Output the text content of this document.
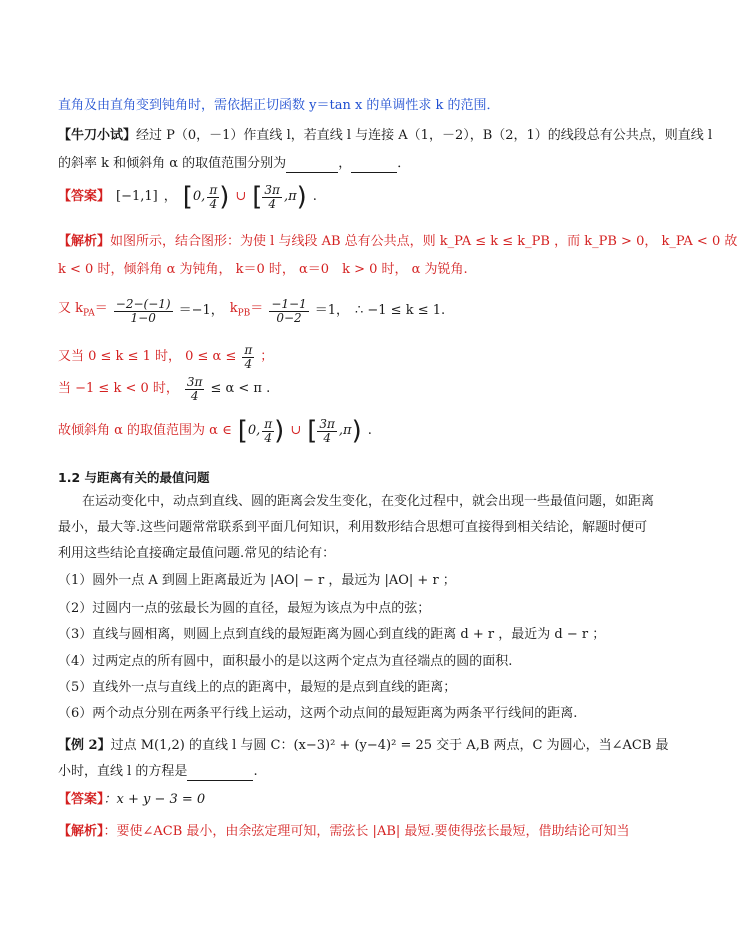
直角及由直角变到钝角时，需依据正切函数 y＝tan x 的单调性求 k 的范围．
【牛刀小试】经过 P（0，－1）作直线 l，若直线 l 与连接 A（1，－2），B（2，1）的线段总有公共点，则直线 l
的斜率 k 和倾斜角 α 的取值范围分别为	，	．
【答案】 [−1,1] ， [ 0, $\frac{\pi}{4}$ ) ∪ [ $\frac{3\pi}{4} ,\pi$ ) .
【解析】如图所示，结合图形：为使 l 与线段 AB 总有公共点，则 k_PA ≤ k ≤ k_PB ，而 k_PB > 0， k_PA < 0 故
k < 0 时，倾斜角 α 为钝角， k＝0 时， α＝0　k > 0 时， α 为锐角.
又 $k_{PA}= \frac{-2-(-1)}{1-0} =-1$， $k_{PB}= \frac{-1-1}{0-2} =1$， ∴ −1 ≤ k ≤ 1.
又当 0 ≤ k ≤ 1 时， $0 \le \alpha \le \frac{\pi}{4}$ ；
当 −1 ≤ k < 0 时， $\frac{3\pi}{4} \le \alpha < \pi$ .
故倾斜角 α 的取值范围为 α ∈ [ 0, $\frac{\pi}{4}$ ) ∪ [ $\frac{3\pi}{4} ,\pi$ ) .
1.2 与距离有关的最值问题
在运动变化中，动点到直线、圆的距离会发生变化，在变化过程中，就会出现一些最值问题，如距离
最小，最大等.这些问题常常联系到平面几何知识，利用数形结合思想可直接得到相关结论，解题时便可
利用这些结论直接确定最值问题.常见的结论有：
（1）圆外一点 A 到圆上距离最近为 |AO| − r ，最远为 |AO| + r ；
（2）过圆内一点的弦最长为圆的直径，最短为该点为中点的弦；
（3）直线与圆相离，则圆上点到直线的最短距离为圆心到直线的距离 d + r ，最近为 d − r ；
（4）过两定点的所有圆中，面积最小的是以这两个定点为直径端点的圆的面积.
（5）直线外一点与直线上的点的距离中，最短的是点到直线的距离；
（6）两个动点分别在两条平行线上运动，这两个动点间的最短距离为两条平行线间的距离.
【例 2】过点 M(1,2) 的直线 l 与圆 C：(x−3)² + (y−4)² = 25 交于 A,B 两点，C 为圆心，当∠ACB 最
小时，直线 l 的方程是	.
【答案】：x + y − 3 = 0
【解析】：要使∠ACB 最小，由余弦定理可知，需弦长 |AB| 最短.要使得弦长最短，借助结论可知当
